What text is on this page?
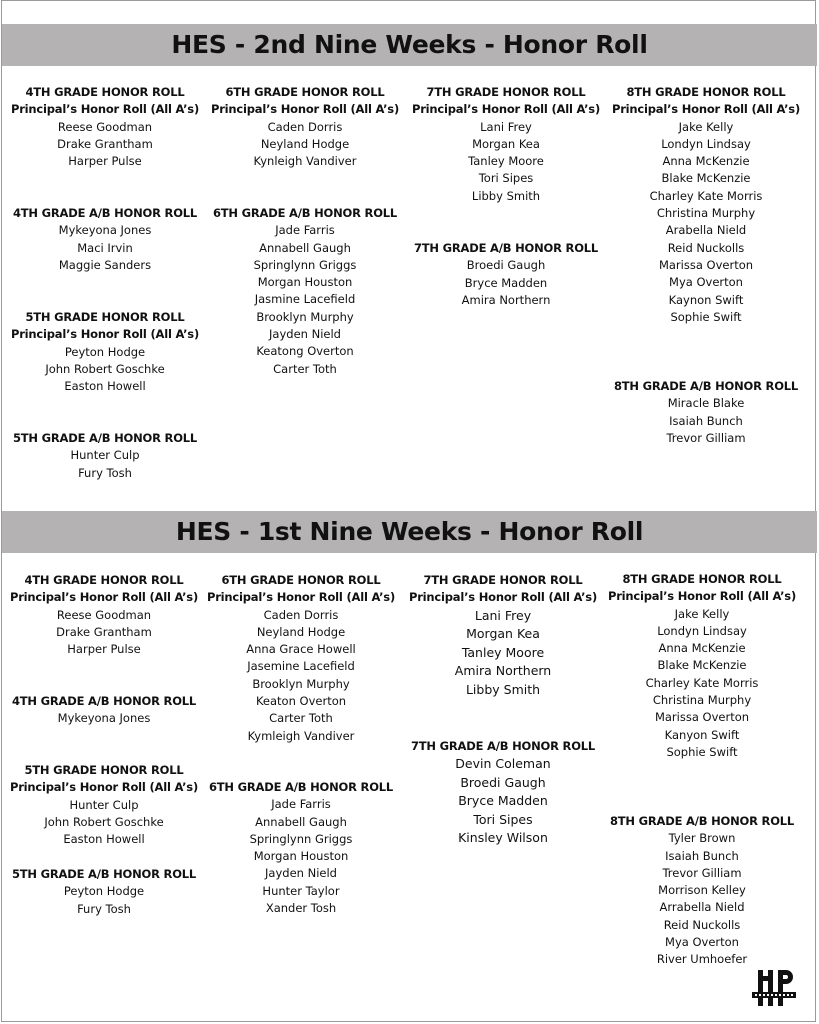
HES - 2nd Nine Weeks - Honor Roll
4TH GRADE HONOR ROLL
Principal’s Honor Roll (All A’s)
Reese Goodman
Drake Grantham
Harper Pulse
4TH GRADE A/B HONOR ROLL
Mykeyona Jones
Maci Irvin
Maggie Sanders
5TH GRADE HONOR ROLL
Principal’s Honor Roll (All A’s)
Peyton Hodge
John Robert Goschke
Easton Howell
5TH GRADE A/B HONOR ROLL
Hunter Culp
Fury Tosh
6TH GRADE HONOR ROLL
Principal’s Honor Roll (All A’s)
Caden Dorris
Neyland Hodge
Kynleigh Vandiver
6TH GRADE A/B HONOR ROLL
Jade Farris
Annabell Gaugh
Springlynn Griggs
Morgan Houston
Jasmine Lacefield
Brooklyn Murphy
Jayden Nield
Keatong Overton
Carter Toth
7TH GRADE HONOR ROLL
Principal’s Honor Roll (All A’s)
Lani Frey
Morgan Kea
Tanley Moore
Tori Sipes
Libby Smith
7TH GRADE A/B HONOR ROLL
Broedi Gaugh
Bryce Madden
Amira Northern
8TH GRADE HONOR ROLL
Principal’s Honor Roll (All A’s)
Jake Kelly
Londyn Lindsay
Anna McKenzie
Blake McKenzie
Charley Kate Morris
Christina Murphy
Arabella Nield
Reid Nuckolls
Marissa Overton
Mya Overton
Kaynon Swift
Sophie Swift
8TH GRADE A/B HONOR ROLL
Miracle Blake
Isaiah Bunch
Trevor Gilliam
HES - 1st Nine Weeks - Honor Roll
4TH GRADE HONOR ROLL
Principal’s Honor Roll (All A’s)
Reese Goodman
Drake Grantham
Harper Pulse
4TH GRADE A/B HONOR ROLL
Mykeyona Jones
5TH GRADE HONOR ROLL
Principal’s Honor Roll (All A’s)
Hunter Culp
John Robert Goschke
Easton Howell
5TH GRADE A/B HONOR ROLL
Peyton Hodge
Fury Tosh
6TH GRADE HONOR ROLL
Principal’s Honor Roll (All A’s)
Caden Dorris
Neyland Hodge
Anna Grace Howell
Jasemine Lacefield
Brooklyn Murphy
Keaton Overton
Carter Toth
Kymleigh Vandiver
6TH GRADE A/B HONOR ROLL
Jade Farris
Annabell Gaugh
Springlynn Griggs
Morgan Houston
Jayden Nield
Hunter Taylor
Xander Tosh
7TH GRADE HONOR ROLL
Principal’s Honor Roll (All A’s)
Lani Frey
Morgan Kea
Tanley Moore
Amira Northern
Libby Smith
7TH GRADE A/B HONOR ROLL
Devin Coleman
Broedi Gaugh
Bryce Madden
Tori Sipes
Kinsley Wilson
8TH GRADE HONOR ROLL
Principal’s Honor Roll (All A’s)
Jake Kelly
Londyn Lindsay
Anna McKenzie
Blake McKenzie
Charley Kate Morris
Christina Murphy
Marissa Overton
Kanyon Swift
Sophie Swift
8TH GRADE A/B HONOR ROLL
Tyler Brown
Isaiah Bunch
Trevor Gilliam
Morrison Kelley
Arrabella Nield
Reid Nuckolls
Mya Overton
River Umhoefer
